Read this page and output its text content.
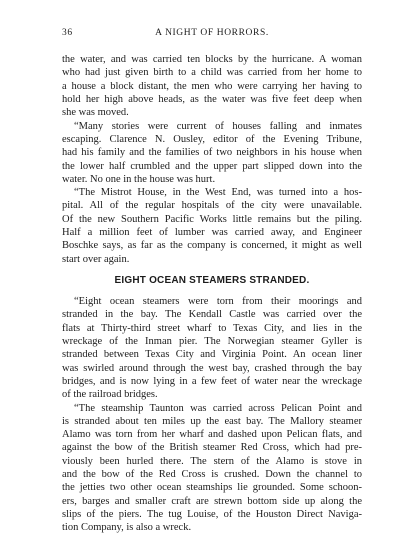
36	A NIGHT OF HORRORS.
the water, and was carried ten blocks by the hurricane. A woman
who had just given birth to a child was carried from her home to
a house a block distant, the men who were carrying her having to
hold her high above heads, as the water was five feet deep when
she was moved.
“Many stories were current of houses falling and inmates
escaping. Clarence N. Ousley, editor of the Evening Tribune,
had his family and the families of two neighbors in his house when
the lower half crumbled and the upper part slipped down into the
water. No one in the house was hurt.
“The Mistrot House, in the West End, was turned into a hos-
pital. All of the regular hospitals of the city were unavailable.
Of the new Southern Pacific Works little remains but the piling.
Half a million feet of lumber was carried away, and Engineer
Boschke says, as far as the company is concerned, it might as well
start over again.
EIGHT OCEAN STEAMERS STRANDED.
“Eight ocean steamers were torn from their moorings and
stranded in the bay. The Kendall Castle was carried over the
flats at Thirty-third street wharf to Texas City, and lies in the
wreckage of the Inman pier. The Norwegian steamer Gyller is
stranded between Texas City and Virginia Point. An ocean liner
was swirled around through the west bay, crashed through the bay
bridges, and is now lying in a few feet of water near the wreckage
of the railroad bridges.
“The steamship Taunton was carried across Pelican Point and
is stranded about ten miles up the east bay. The Mallory steamer
Alamo was torn from her wharf and dashed upon Pelican flats, and
against the bow of the British steamer Red Cross, which had pre-
viously been hurled there. The stern of the Alamo is stove in
and the bow of the Red Cross is crushed. Down the channel to
the jetties two other ocean steamships lie grounded. Some schoon-
ers, barges and smaller craft are strewn bottom side up along the
slips of the piers. The tug Louise, of the Houston Direct Naviga-
tion Company, is also a wreck.
